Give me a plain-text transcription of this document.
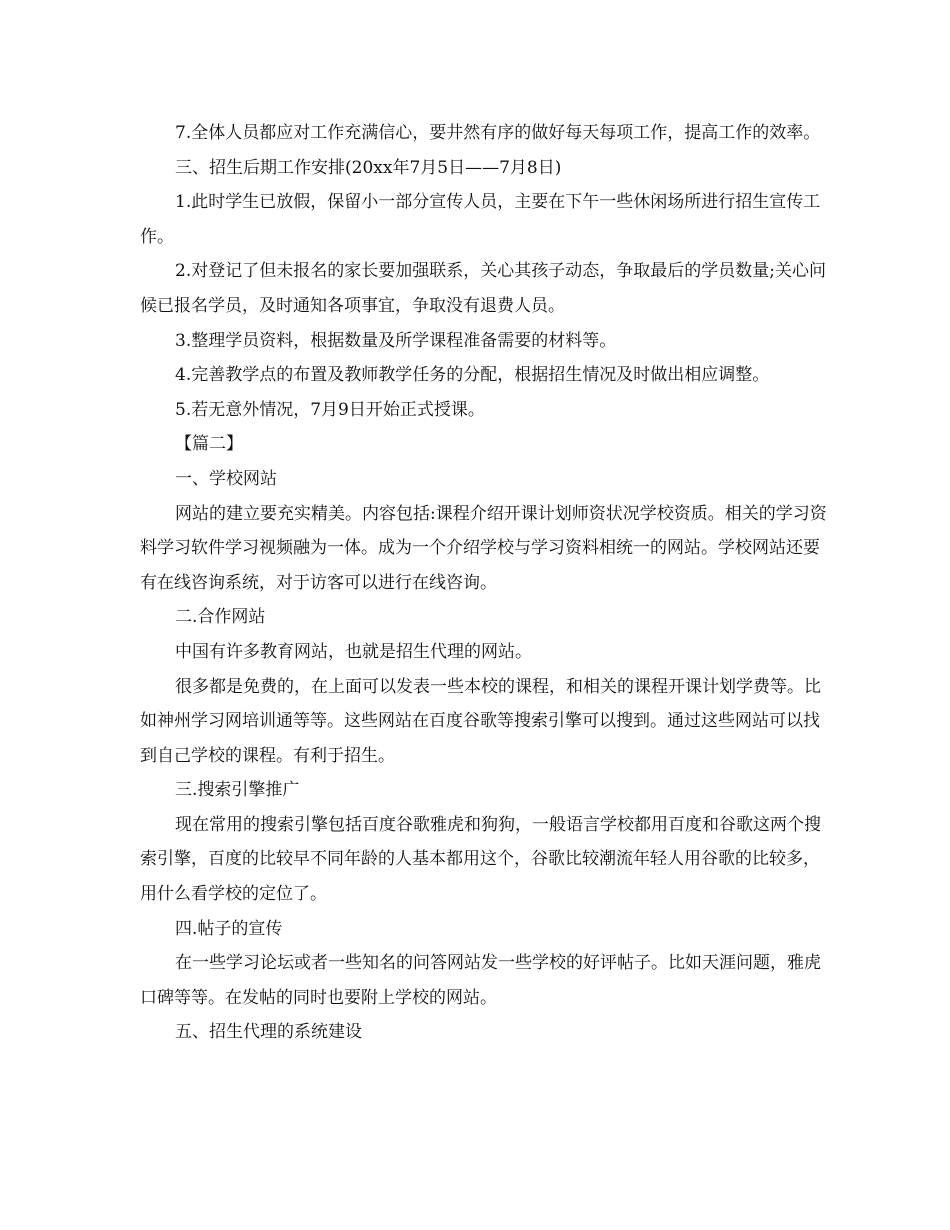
7.全体人员都应对工作充满信心，要井然有序的做好每天每项工作，提高工作的效率。

三、招生后期工作安排(20xx年7月5日——7月8日)

1.此时学生已放假，保留小一部分宣传人员，主要在下午一些休闲场所进行招生宣传工作。

2.对登记了但未报名的家长要加强联系，关心其孩子动态，争取最后的学员数量;关心问候已报名学员，及时通知各项事宜，争取没有退费人员。

3.整理学员资料，根据数量及所学课程准备需要的材料等。

4.完善教学点的布置及教师教学任务的分配，根据招生情况及时做出相应调整。

5.若无意外情况，7月9日开始正式授课。

【篇二】

一、学校网站

网站的建立要充实精美。内容包括:课程介绍开课计划师资状况学校资质。相关的学习资料学习软件学习视频融为一体。成为一个介绍学校与学习资料相统一的网站。学校网站还要有在线咨询系统，对于访客可以进行在线咨询。

二.合作网站

中国有许多教育网站，也就是招生代理的网站。

很多都是免费的，在上面可以发表一些本校的课程，和相关的课程开课计划学费等。比如神州学习网培训通等等。这些网站在百度谷歌等搜索引擎可以搜到。通过这些网站可以找到自己学校的课程。有利于招生。

三.搜索引擎推广

现在常用的搜索引擎包括百度谷歌雅虎和狗狗，一般语言学校都用百度和谷歌这两个搜索引擎，百度的比较早不同年龄的人基本都用这个，谷歌比较潮流年轻人用谷歌的比较多，用什么看学校的定位了。

四.帖子的宣传

在一些学习论坛或者一些知名的问答网站发一些学校的好评帖子。比如天涯问题，雅虎口碑等等。在发帖的同时也要附上学校的网站。

五、招生代理的系统建设
